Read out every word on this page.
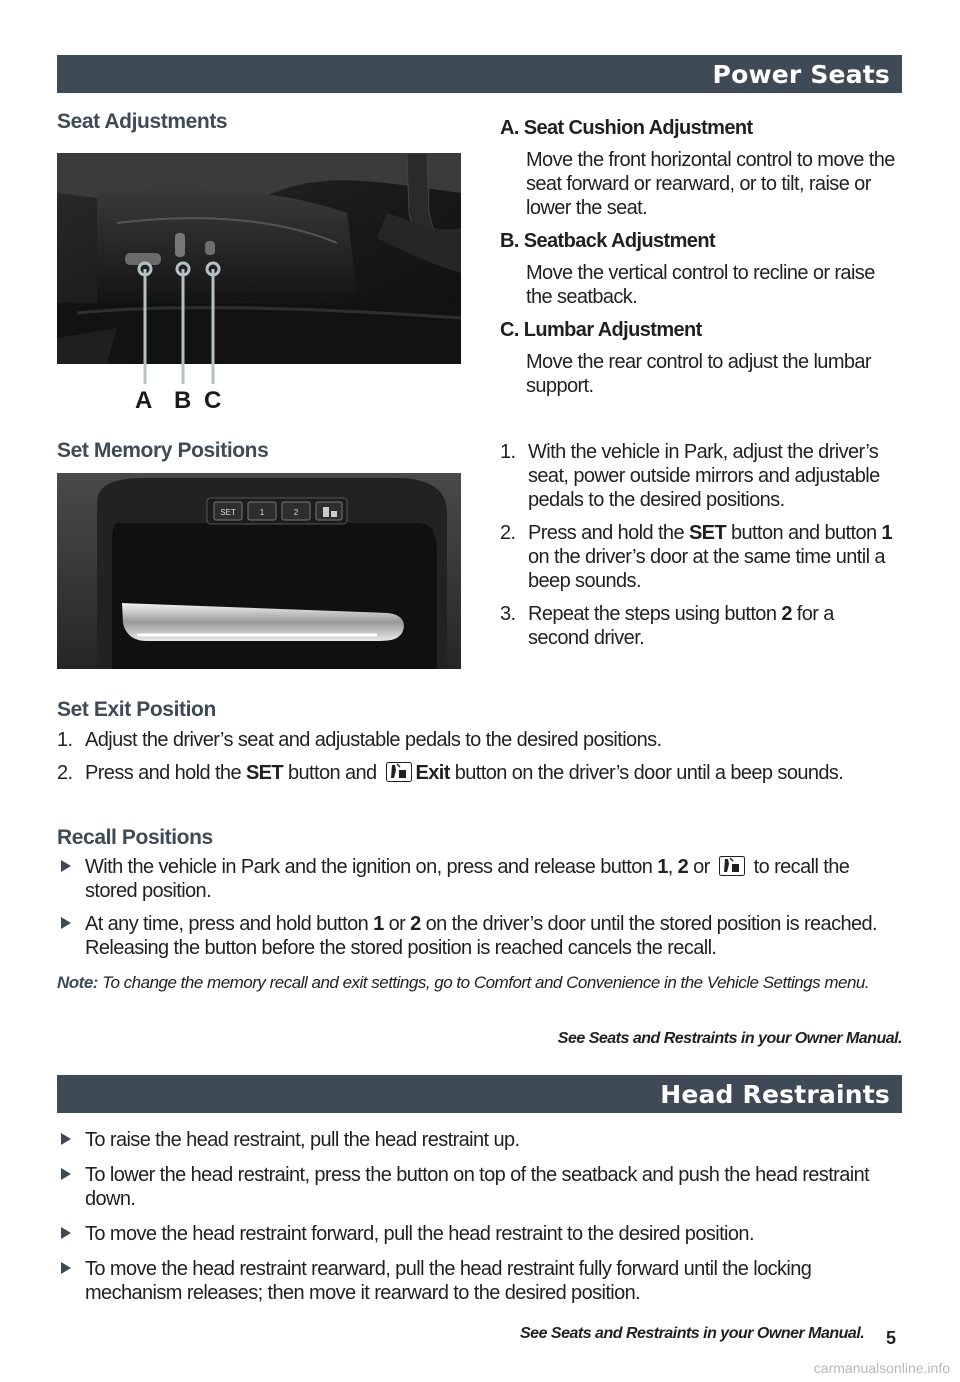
Power Seats
Seat Adjustments
A B C
A. Seat Cushion Adjustment
Move the front horizontal control to move the seat forward or rearward, or to tilt, raise or lower the seat.
B. Seatback Adjustment
Move the vertical control to recline or raise the seatback.
C. Lumbar Adjustment
Move the rear control to adjust the lumbar support.
Set Memory Positions
SET	1	2
1. With the vehicle in Park, adjust the driver’s seat, power outside mirrors and adjustable pedals to the desired positions.
2. Press and hold the SET button and button 1 on the driver’s door at the same time until a beep sounds.
3. Repeat the steps using button 2 for a second driver.
Set Exit Position
1. Adjust the driver’s seat and adjustable pedals to the desired positions.
2. Press and hold the SET button and Exit button on the driver’s door until a beep sounds.
Recall Positions
With the vehicle in Park and the ignition on, press and release button 1, 2 or  to recall the stored position.
At any time, press and hold button 1 or 2 on the driver’s door until the stored position is reached. Releasing the button before the stored position is reached cancels the recall.
Note: To change the memory recall and exit settings, go to Comfort and Convenience in the Vehicle Settings menu.
See Seats and Restraints in your Owner Manual.
Head Restraints
To raise the head restraint, pull the head restraint up.
To lower the head restraint, press the button on top of the seatback and push the head restraint down.
To move the head restraint forward, pull the head restraint to the desired position.
To move the head restraint rearward, pull the head restraint fully forward until the locking mechanism releases; then move it rearward to the desired position.
See Seats and Restraints in your Owner Manual. 5
carmanualsonline.info
